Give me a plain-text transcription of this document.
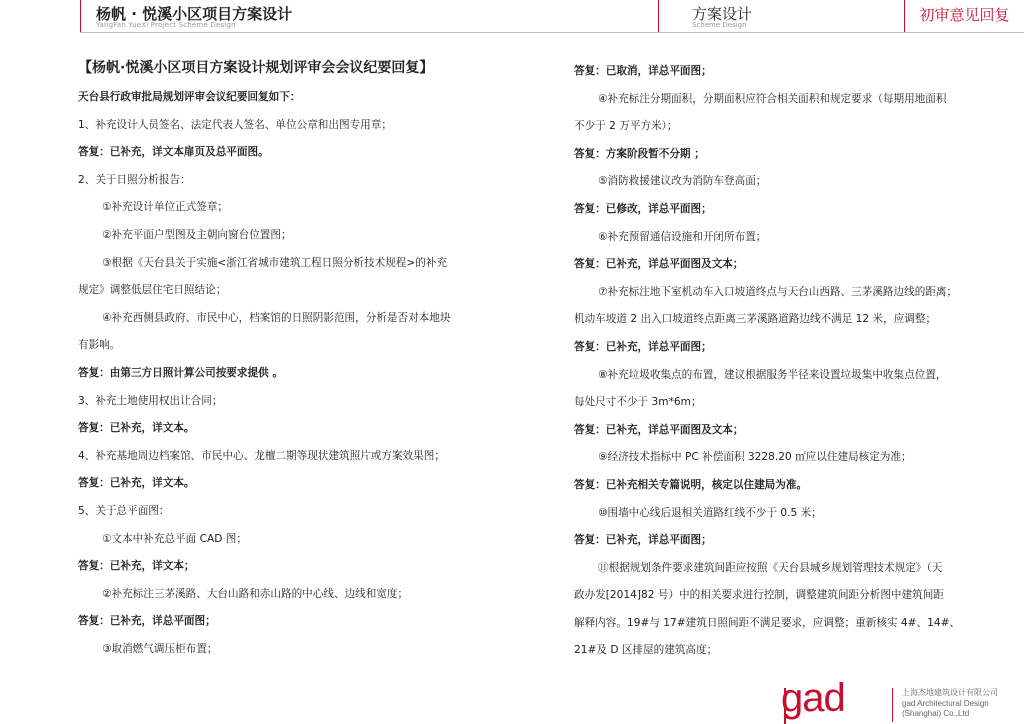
杨帆 · 悦溪小区项目方案设计
YangFan.YueXi Project Scheme Design
方案设计
Scheme Design
初审意见回复
【杨帆·悦溪小区项目方案设计规划评审会会议纪要回复】
天台县行政审批局规划评审会议纪要回复如下：
1、补充设计人员签名、法定代表人签名、单位公章和出图专用章；
答复：已补充，详文本扉页及总平面图。
2、关于日照分析报告：
①补充设计单位正式签章；
②补充平面户型图及主朝向窗台位置图；
③根据《天台县关于实施<浙江省城市建筑工程日照分析技术规程>的补充
规定》调整低层住宅日照结论；
④补充西侧县政府、市民中心，档案馆的日照阴影范围，分析是否对本地块
有影响。
答复：由第三方日照计算公司按要求提供 。
3、补充土地使用权出让合同；
答复：已补充，详文本。
4、补充基地周边档案馆、市民中心、龙檀二期等现状建筑照片或方案效果图；
答复：已补充，详文本。
5、关于总平面图：
①文本中补充总平面 CAD 图；
答复：已补充，详文本；
②补充标注三茅溪路、大台山路和赤山路的中心线、边线和宽度；
答复：已补充，详总平面图；
③取消燃气调压柜布置；
答复：已取消，详总平面图；
④补充标注分期面积，分期面积应符合相关面积和规定要求（每期用地面积
不少于 2 万平方米）；
答复：方案阶段暂不分期 ；
⑤消防救援建议改为消防车登高面；
答复：已修改，详总平面图；
⑥补充预留通信设施和开闭所布置；
答复：已补充，详总平面图及文本；
⑦补充标注地下室机动车入口坡道终点与天台山西路、三茅溪路边线的距离；
机动车坡道 2 出入口坡道终点距离三茅溪路道路边线不满足 12 米，应调整；
答复：已补充，详总平面图；
⑧补充垃圾收集点的布置，建议根据服务半径来设置垃圾集中收集点位置，
每处尺寸不少于 3m*6m；
答复：已补充，详总平面图及文本；
⑨经济技术指标中 PC 补偿面积 3228.20 ㎡应以住建局核定为准；
答复：已补充相关专篇说明，核定以住建局为准。
⑩围墙中心线后退相关道路红线不少于 0.5 米；
答复：已补充，详总平面图；
⑪根据规划条件要求建筑间距应按照《天台县城乡规划管理技术规定》（天
政办发[2014]82 号）中的相关要求进行控制，调整建筑间距分析图中建筑间距
解释内容。19#与 17#建筑日照间距不满足要求，应调整；重新核实 4#、14#、
21#及 D 区排屋的建筑高度；
gad	上海杰地建筑设计有限公司
gad Architectural Design
(Shanghai) Co.,Ltd
